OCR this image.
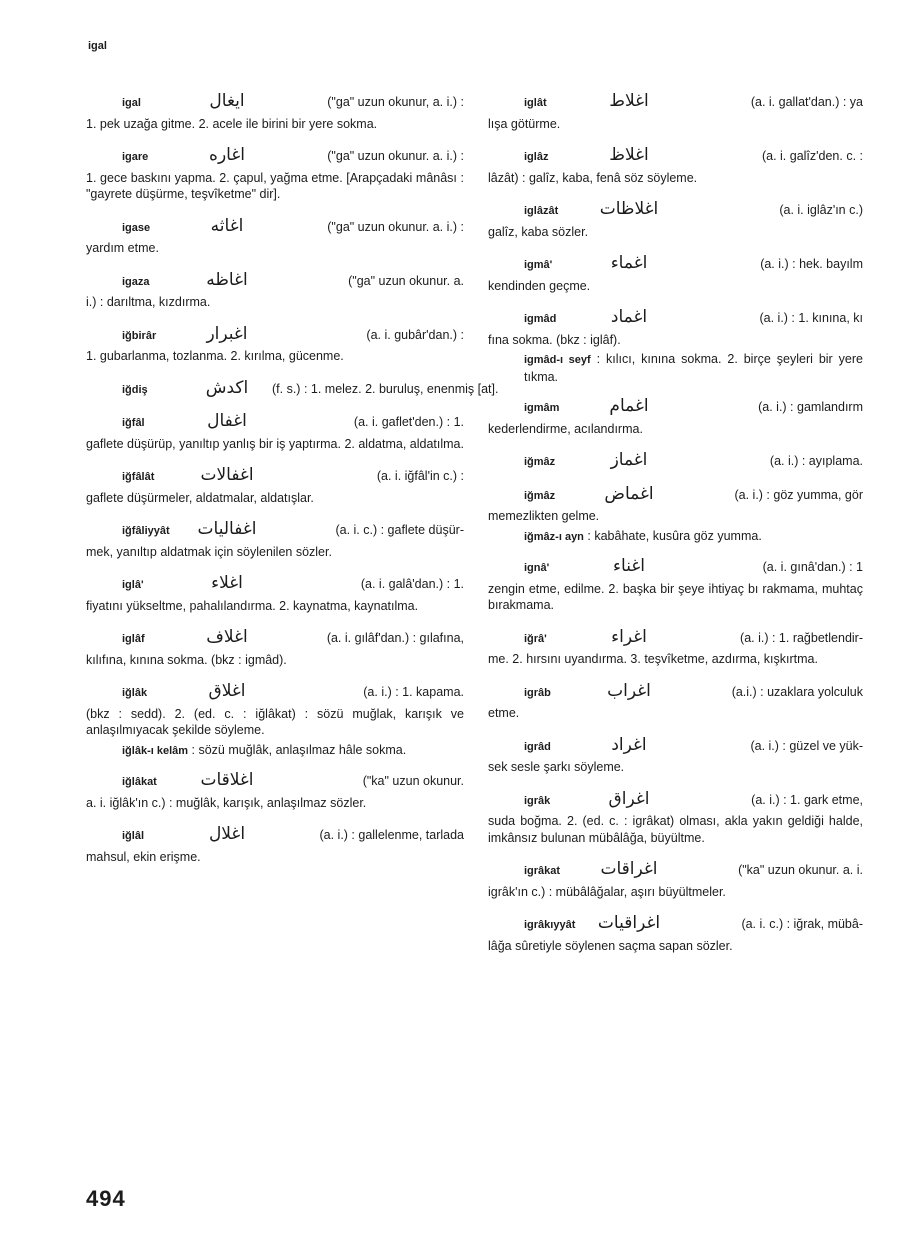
igal
igal	ايغال	("ga" uzun okunur, a. i.) :
1. pek uzağa gitme. 2. acele ile birini bir yere sokma.
igare	اغاره	("ga" uzun okunur. a. i.) :
1. gece baskını yapma. 2. çapul, yağma etme. [Arapçadaki mânâsı : "gayrete düşürme, teşvîketme" dir].
igase	اغاثه	("ga" uzun okunur. a. i.) :
yardım etme.
igaza	اغاظه	("ga" uzun okunur. a.
i.) : darıltma, kızdırma.
iğbirâr	اغبرار	(a. i. gubâr'dan.) :
1. gubarlanma, tozlanma. 2. kırılma, gücenme.
iğdiş	اكدش	(f. s.) : 1. melez. 2. buruluş, enenmiş [at].
iğfâl	اغفال	(a. i. gaflet'den.) : 1.
gaflete düşürüp, yanıltıp yanlış bir iş yaptırma. 2. aldatma, aldatılma.
iğfâlât	اغفالات	(a. i. iğfâl'in c.) :
gaflete düşürmeler, aldatmalar, aldatışlar.
iğfâliyyât	اغفاليات	(a. i. c.) : gaflete düşür-
mek, yanıltıp aldatmak için söylenilen sözler.
iglâ'	اغلاء	(a. i. galâ'dan.) : 1.
fiyatını yükseltme, pahalılandırma. 2. kaynatma, kaynatılma.
iglâf	اغلاف	(a. i. gılâf'dan.) : gılafına,
kılıfına, kınına sokma. (bkz : igmâd).
iğlâk	اغلاق	(a. i.) : 1. kapama.
(bkz : sedd). 2. (ed. c. : iğlâkat) : sözü muğlak, karışık ve anlaşılmıyacak şekilde söyleme.
iğlâk-ı kelâm : sözü muğlâk, anlaşılmaz hâle sokma.
iğlâkat	اغلاقات	("ka" uzun okunur.
a. i. iğlâk'ın c.) : muğlâk, karışık, anlaşılmaz sözler.
iğlâl	اغلال	(a. i.) : gallelenme, tarlada
mahsul, ekin erişme.
iglât	اغلاط	(a. i. gallat'dan.) : ya
lışa götürme.
iglâz	اغلاظ	(a. i. galîz'den. c. :
lâzât) : galîz, kaba, fenâ söz söyleme.
iglâzât	اغلاظات	(a. i. iglâz'ın c.)
galîz, kaba sözler.
igmâ'	اغماء	(a. i.) : hek. bayılm
kendinden geçme.
igmâd	اغماد	(a. i.) : 1. kınına, kı
fına sokma. (bkz : iglâf).
igmâd-ı seyf : kılıcı, kınına sokma. 2. birçe şeyleri bir yere tıkma.
igmâm	اغمام	(a. i.) : gamlandırm
kederlendirme, acılandırma.
iğmâz	اغماز	(a. i.) : ayıplama.
iğmâz	اغماض	(a. i.) : göz yumma, gör
memezlikten gelme.
iğmâz-ı ayn : kabâhate, kusûra göz yumma.
ignâ'	اغناء	(a. i. gınâ'dan.) : 1
zengin etme, edilme. 2. başka bir şeye ihtiyaç bı rakmama, muhtaç bırakmama.
iğrâ'	اغراء	(a. i.) : 1. rağbetlendir-
me. 2. hırsını uyandırma. 3. teşvîketme, azdırma, kışkırtma.
igrâb	اغراب	(a.i.) : uzaklara yolculuk
etme.
igrâd	اغراد	(a. i.) : güzel ve yük-
sek sesle şarkı söyleme.
igrâk	اغراق	(a. i.) : 1. gark etme,
suda boğma. 2. (ed. c. : igrâkat) olması, akla yakın geldiği halde, imkânsız bulunan mübâlâğa, büyültme.
igrâkat	اغراقات	("ka" uzun okunur. a. i.
igrâk'ın c.) : mübâlâğalar, aşırı büyültmeler.
igrâkıyyât	اغراقيات	(a. i. c.) : iğrak, mübâ-
lâğa sûretiyle söylenen saçma sapan sözler.
494
